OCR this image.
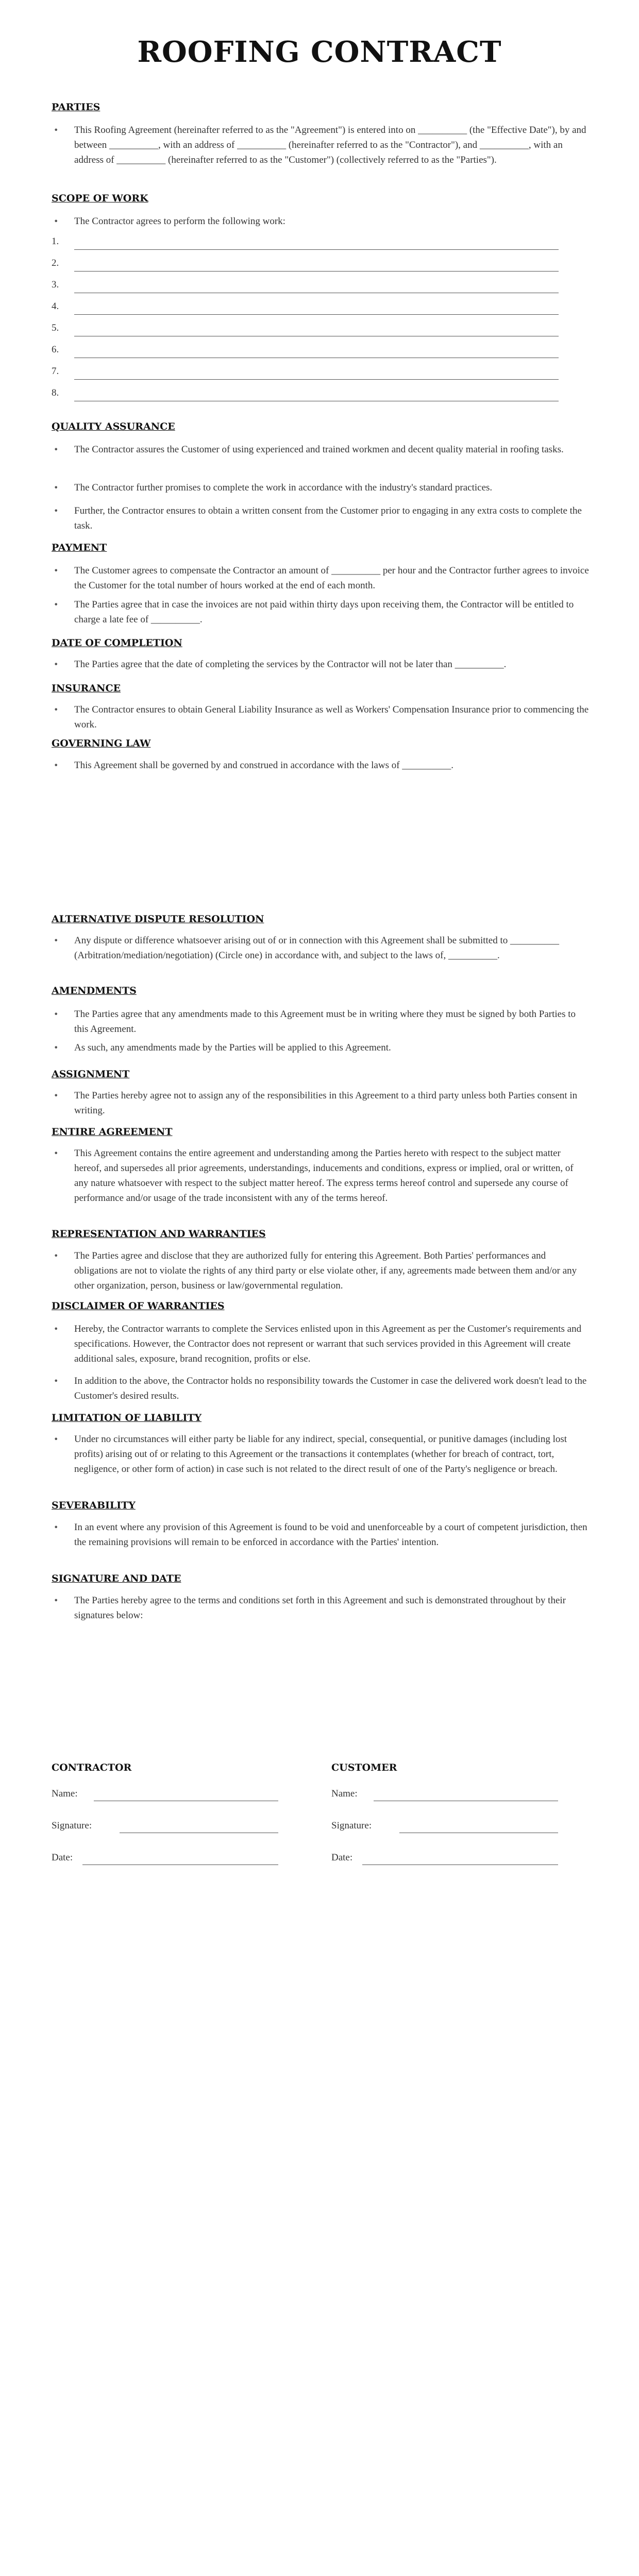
ROOFING CONTRACT
PARTIES
• This Roofing Agreement (hereinafter referred to as the "Agreement") is entered into on __________ (the "Effective Date"), by and between __________, with an address of __________ (hereinafter referred to as the "Contractor"), and __________, with an address of __________ (hereinafter referred to as the "Customer") (collectively referred to as the "Parties").
SCOPE OF WORK
• The Contractor agrees to perform the following work:
1.
2.
3.
4.
5.
6.
7.
8.
QUALITY ASSURANCE
• The Contractor assures the Customer of using experienced and trained workmen and decent quality material in roofing tasks.
• The Contractor further promises to complete the work in accordance with the industry's standard practices.
• Further, the Contractor ensures to obtain a written consent from the Customer prior to engaging in any extra costs to complete the task.
PAYMENT
• The Customer agrees to compensate the Contractor an amount of __________ per hour and the Contractor further agrees to invoice the Customer for the total number of hours worked at the end of each month.
• The Parties agree that in case the invoices are not paid within thirty days upon receiving them, the Contractor will be entitled to charge a late fee of __________.
DATE OF COMPLETION
• The Parties agree that the date of completing the services by the Contractor will not be later than __________.
INSURANCE
• The Contractor ensures to obtain General Liability Insurance as well as Workers' Compensation Insurance prior to commencing the work.
GOVERNING LAW
• This Agreement shall be governed by and construed in accordance with the laws of __________.
ALTERNATIVE DISPUTE RESOLUTION
• Any dispute or difference whatsoever arising out of or in connection with this Agreement shall be submitted to __________ (Arbitration/mediation/negotiation) (Circle one) in accordance with, and subject to the laws of, __________.
AMENDMENTS
• The Parties agree that any amendments made to this Agreement must be in writing where they must be signed by both Parties to this Agreement.
• As such, any amendments made by the Parties will be applied to this Agreement.
ASSIGNMENT
• The Parties hereby agree not to assign any of the responsibilities in this Agreement to a third party unless both Parties consent in writing.
ENTIRE AGREEMENT
• This Agreement contains the entire agreement and understanding among the Parties hereto with respect to the subject matter hereof, and supersedes all prior agreements, understandings, inducements and conditions, express or implied, oral or written, of any nature whatsoever with respect to the subject matter hereof. The express terms hereof control and supersede any course of performance and/or usage of the trade inconsistent with any of the terms hereof.
REPRESENTATION AND WARRANTIES
• The Parties agree and disclose that they are authorized fully for entering this Agreement. Both Parties' performances and obligations are not to violate the rights of any third party or else violate other, if any, agreements made between them and/or any other organization, person, business or law/governmental regulation.
DISCLAIMER OF WARRANTIES
• Hereby, the Contractor warrants to complete the Services enlisted upon in this Agreement as per the Customer's requirements and specifications. However, the Contractor does not represent or warrant that such services provided in this Agreement will create additional sales, exposure, brand recognition, profits or else.
• In addition to the above, the Contractor holds no responsibility towards the Customer in case the delivered work doesn't lead to the Customer's desired results.
LIMITATION OF LIABILITY
• Under no circumstances will either party be liable for any indirect, special, consequential, or punitive damages (including lost profits) arising out of or relating to this Agreement or the transactions it contemplates (whether for breach of contract, tort, negligence, or other form of action) in case such is not related to the direct result of one of the Party's negligence or breach.
SEVERABILITY
• In an event where any provision of this Agreement is found to be void and unenforceable by a court of competent jurisdiction, then the remaining provisions will remain to be enforced in accordance with the Parties' intention.
SIGNATURE AND DATE
• The Parties hereby agree to the terms and conditions set forth in this Agreement and such is demonstrated throughout by their signatures below:
CONTRACTOR
Name:
Signature:
Date:
CUSTOMER
Name:
Signature:
Date:
